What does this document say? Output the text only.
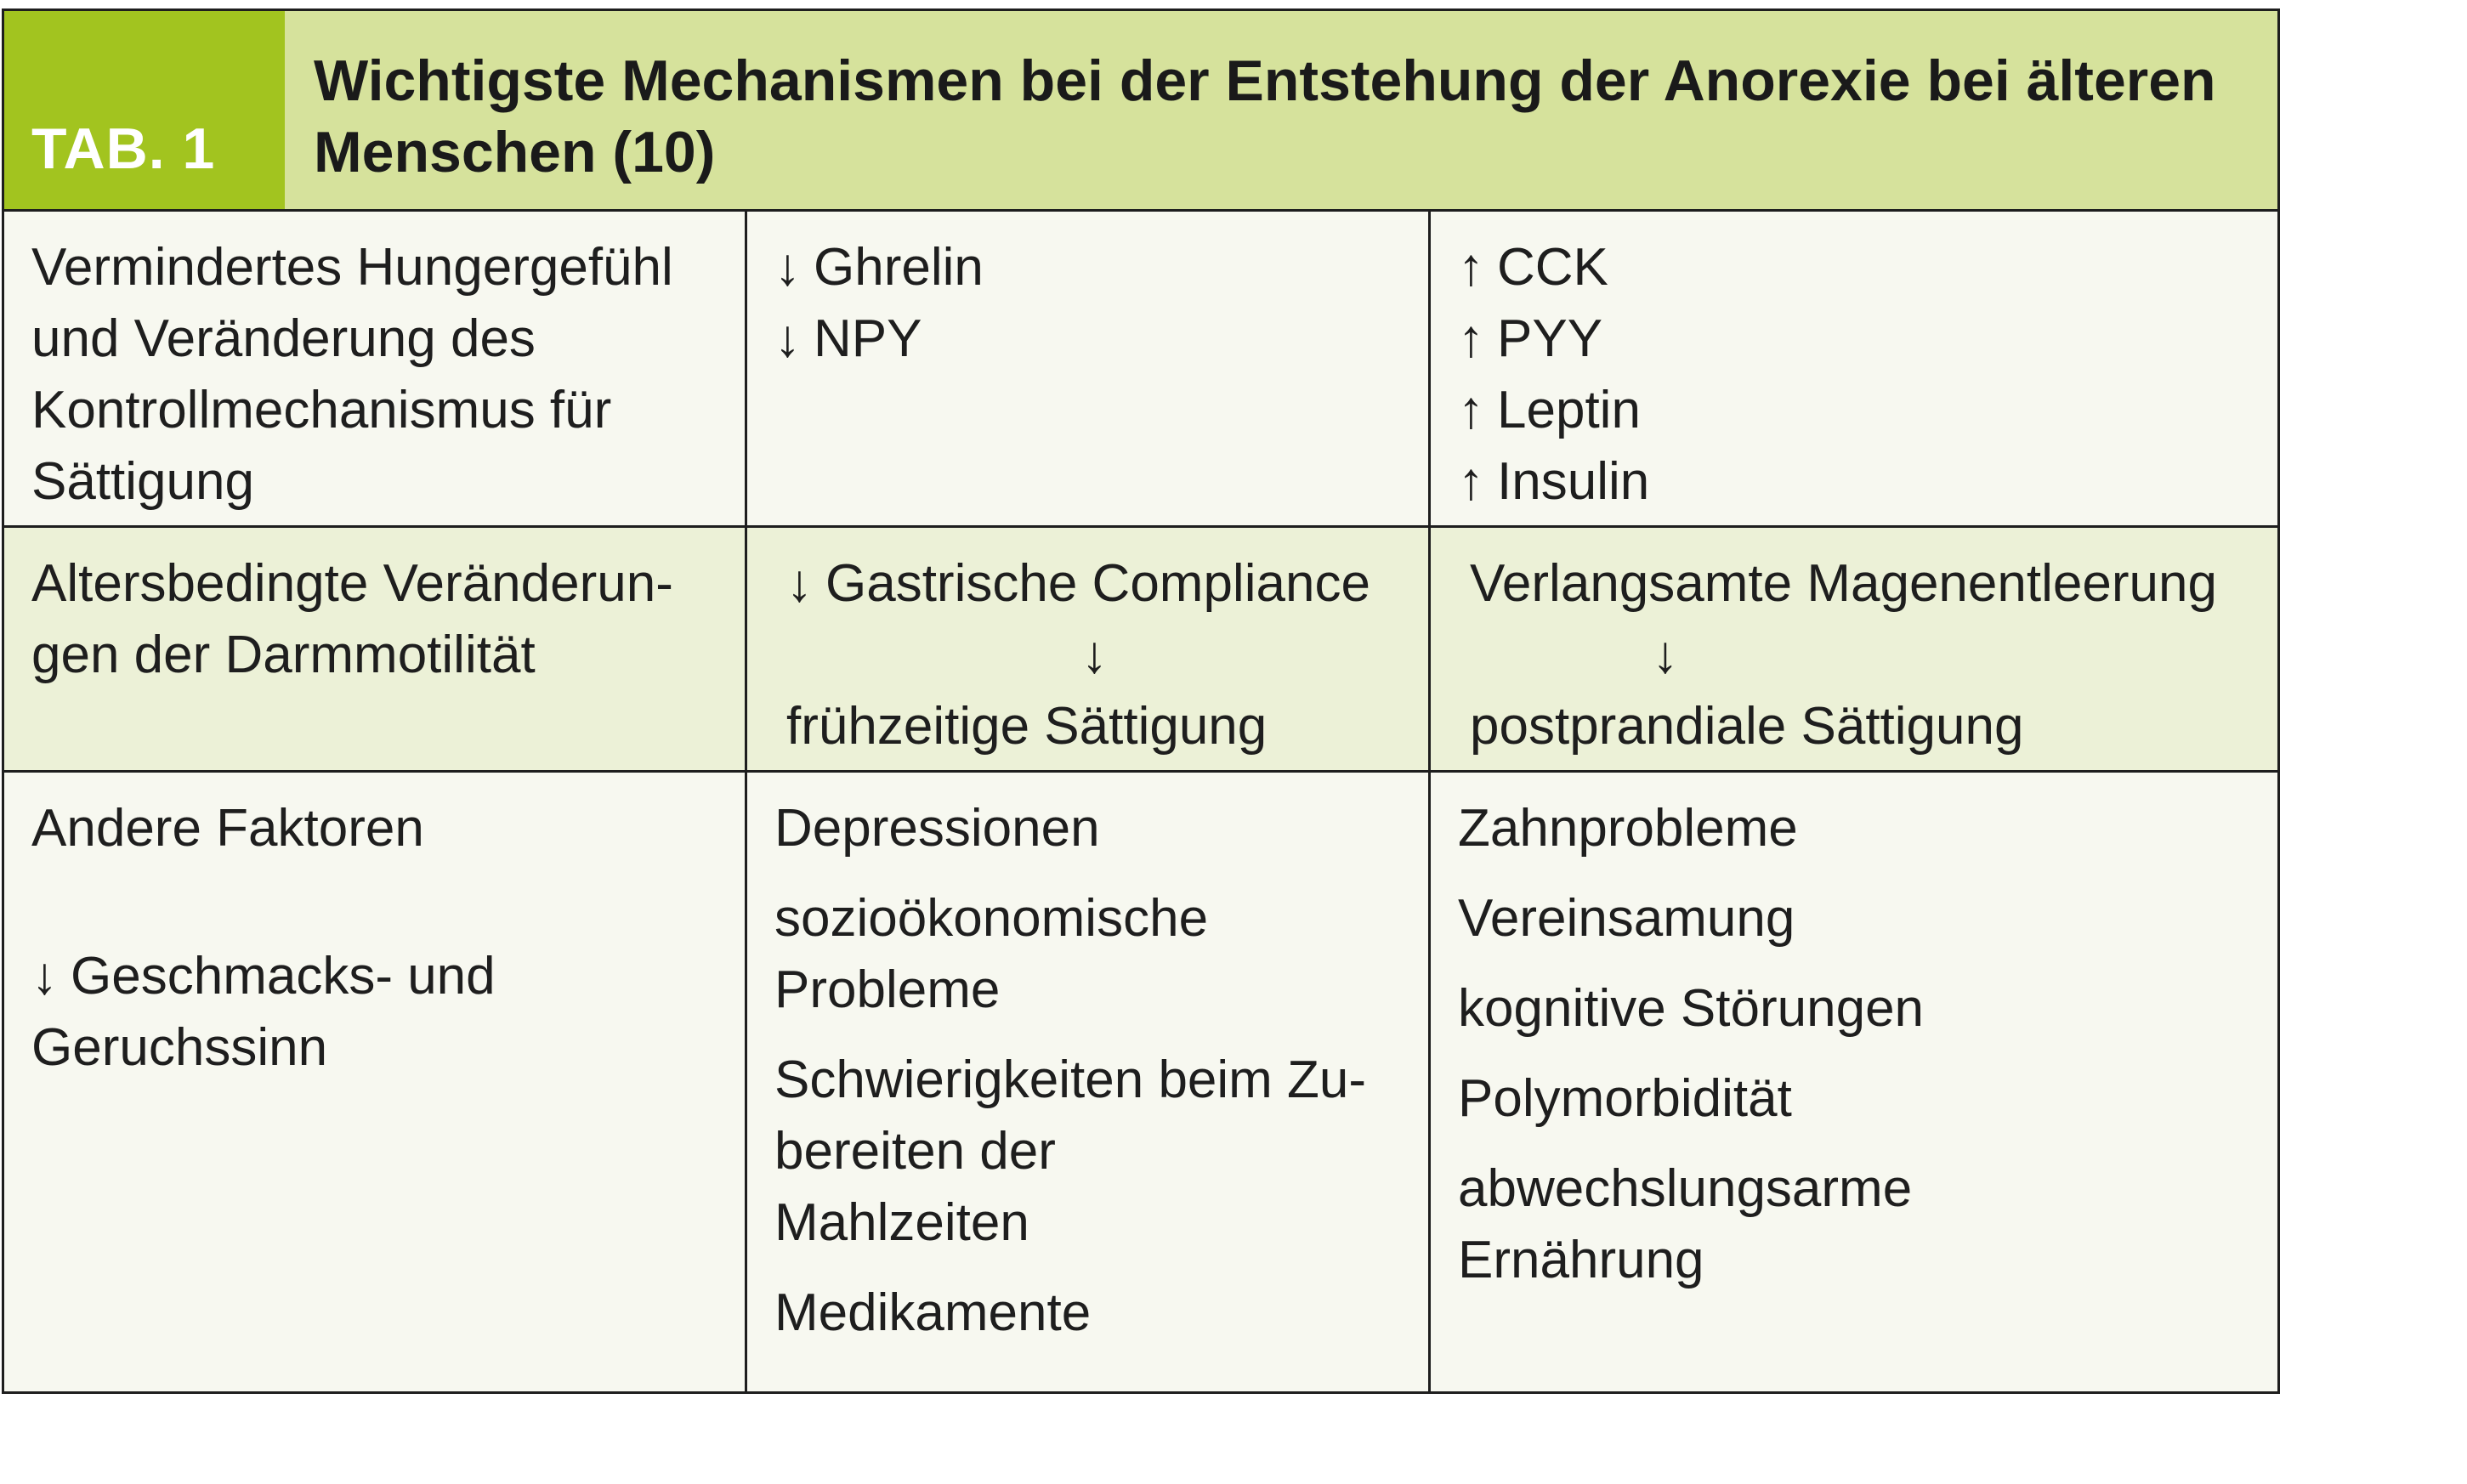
TAB. 1
Wichtigste Mechanismen bei der Entstehung der Anorexie bei älteren
Menschen (10)
Vermindertes Hungergefühl
und Veränderung des
Kontrollmechanismus für
Sättigung
↓ Ghrelin
↓ NPY
↑ CCK
↑ PYY
↑ Leptin
↑ Insulin
Altersbedingte Veränderun-
gen der Darmmotilität
↓ Gastrische Compliance
↓
frühzeitige Sättigung
Verlangsamte Magenentleerung
↓
postprandiale Sättigung
Andere Faktoren
↓ Geschmacks- und
Geruchssinn
Depressionen
sozioökonomische
Probleme
Schwierigkeiten beim Zu-
bereiten der
Mahlzeiten
Medikamente
Zahnprobleme
Vereinsamung
kognitive Störungen
Polymorbidität
abwechslungsarme
Ernährung
